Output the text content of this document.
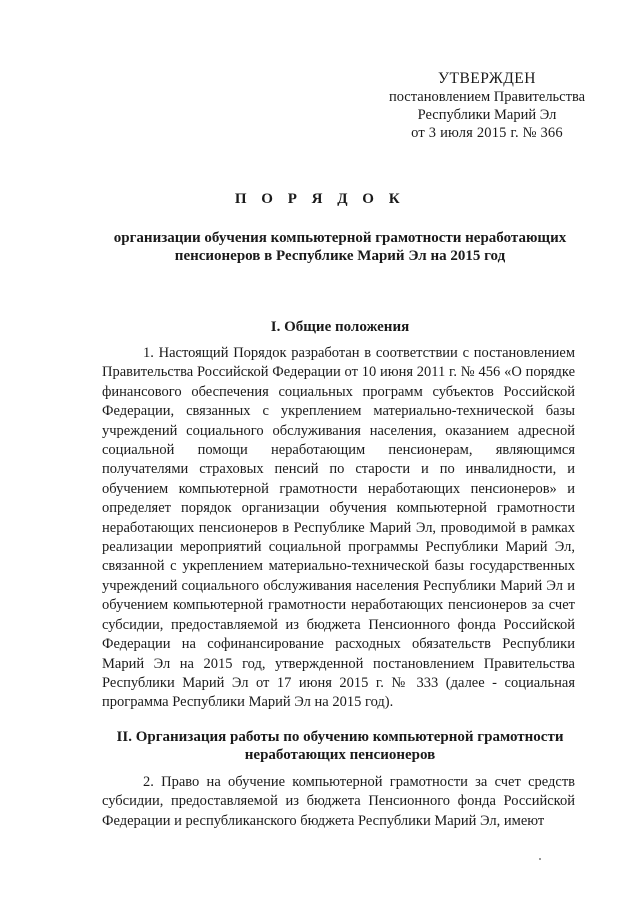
УТВЕРЖДЕН
постановлением Правительства
Республики Марий Эл
от 3 июля 2015 г. № 366
П О Р Я Д О К
организации обучения компьютерной грамотности неработающих пенсионеров в Республике Марий Эл на 2015 год
I. Общие положения

1. Настоящий Порядок разработан в соответствии с постановлением Правительства Российской Федерации от 10 июня 2011 г. № 456 «О порядке финансового обеспечения социальных программ субъектов Российской Федерации, связанных с укреплением материально-технической базы учреждений социального обслуживания населения, оказанием адресной социальной помощи неработающим пенсионерам, являющимся получателями страховых пенсий по старости и по инвалидности, и обучением компьютерной грамотности неработающих пенсионеров» и определяет порядок организации обучения компьютерной грамотности неработающих пенсионеров в Республике Марий Эл, проводимой в рамках реализации мероприятий социальной программы Республики Марий Эл, связанной с укреплением материально-технической базы государственных учреждений социального обслуживания населения Республики Марий Эл и обучением компьютерной грамотности неработающих пенсионеров за счет субсидии, предоставляемой из бюджета Пенсионного фонда Российской Федерации на софинансирование расходных обязательств Республики Марий Эл на 2015 год, утвержденной постановлением Правительства Республики Марий Эл от 17 июня 2015 г. № 333 (далее - социальная программа Республики Марий Эл на 2015 год).

II. Организация работы по обучению компьютерной грамотности неработающих пенсионеров

2. Право на обучение компьютерной грамотности за счет средств субсидии, предоставляемой из бюджета Пенсионного фонда Российской Федерации и республиканского бюджета Республики Марий Эл, имеют
